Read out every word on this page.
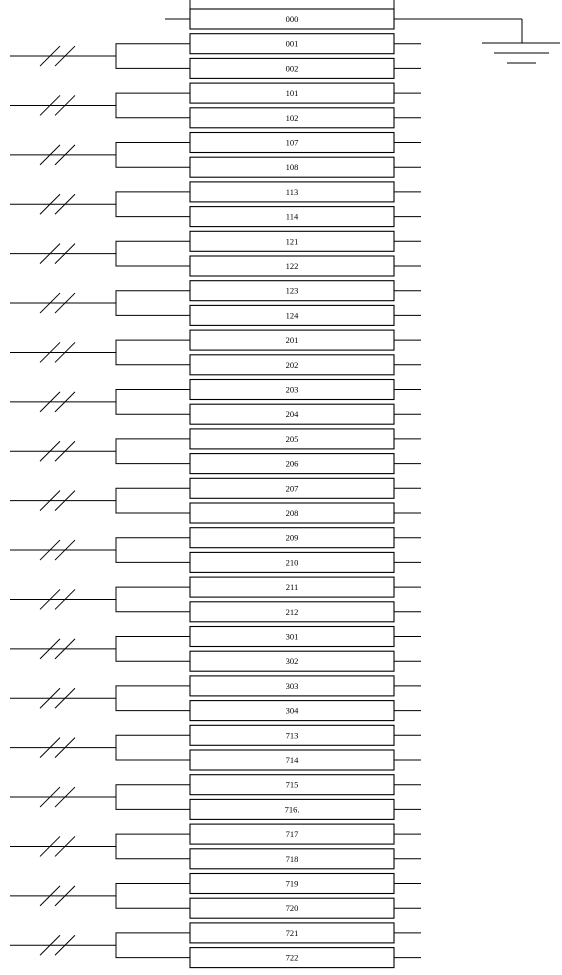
000
001
002
101
102
107
108
113
114
121
122
123
124
201
202
203
204
205
206
207
208
209
210
211
212
301
302
303
304
713
714
715
716.
717
718
719
720
721
722
